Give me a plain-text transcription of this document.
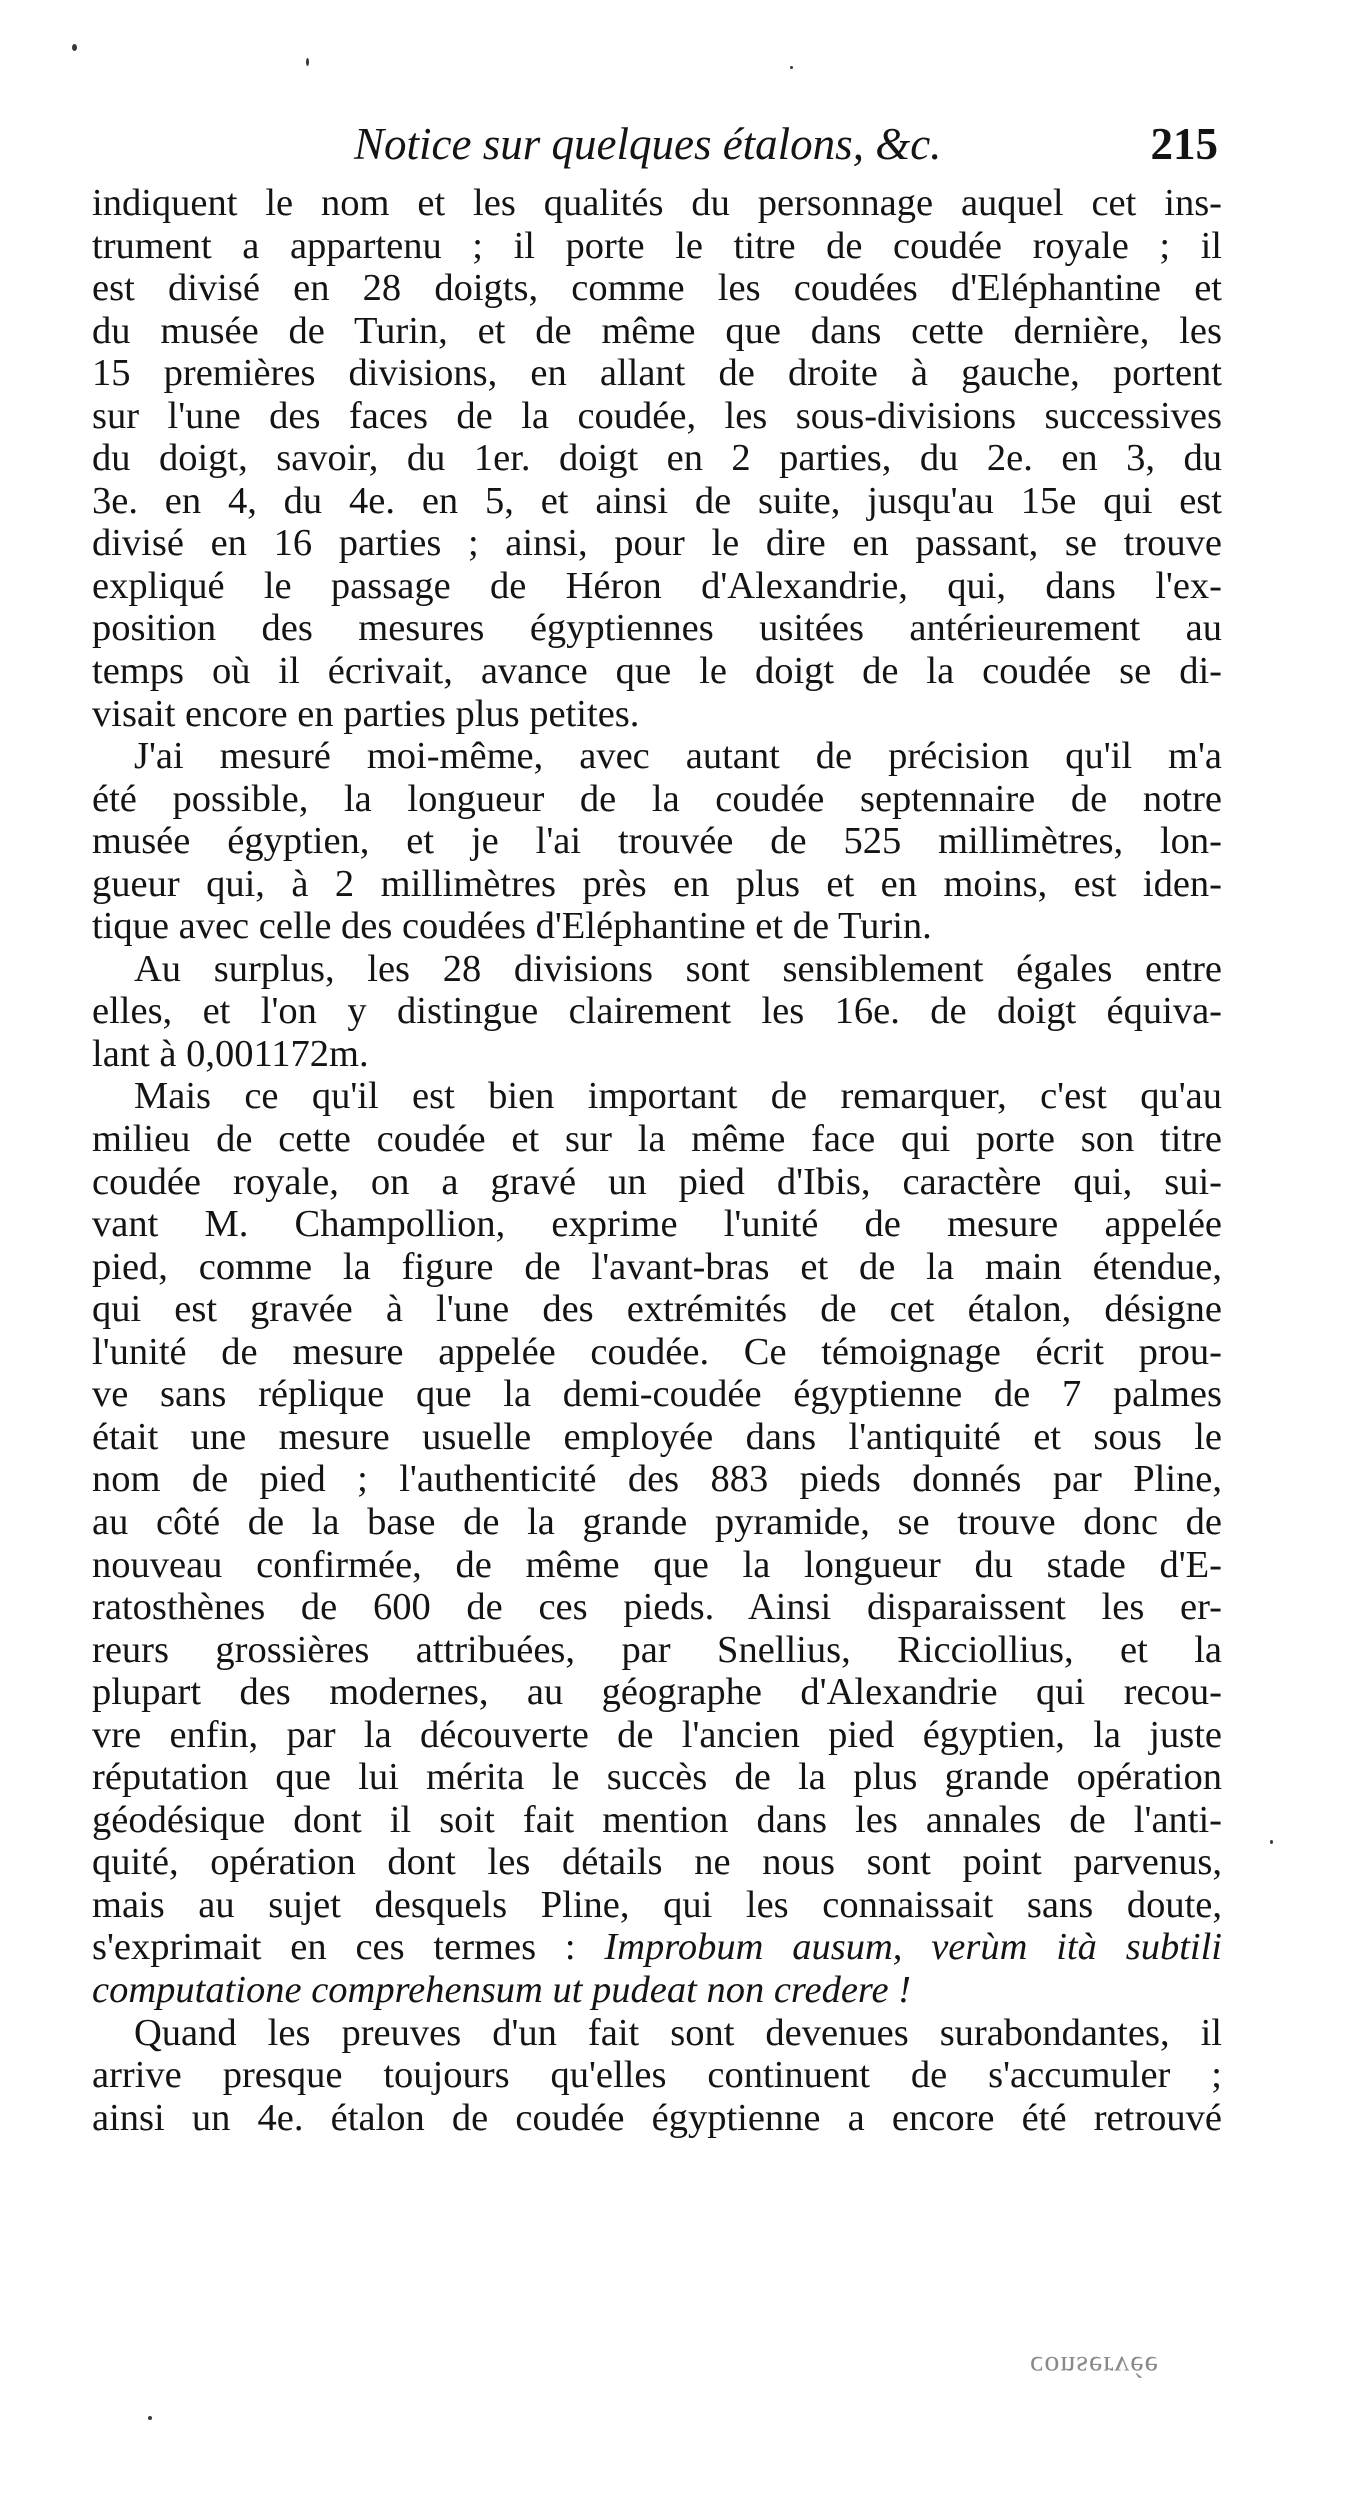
Notice sur quelques étalons, &c.	215
indiquent le nom et les qualités du personnage auquel cet ins-
trument a appartenu ; il porte le titre de coudée royale ; il
est divisé en 28 doigts, comme les coudées d'Eléphantine et
du musée de Turin, et de même que dans cette dernière, les
15 premières divisions, en allant de droite à gauche, portent
sur l'une des faces de la coudée, les sous-divisions successives
du doigt, savoir, du 1er. doigt en 2 parties, du 2e. en 3, du
3e. en 4, du 4e. en 5, et ainsi de suite, jusqu'au 15e qui est
divisé en 16 parties ; ainsi, pour le dire en passant, se trouve
expliqué le passage de Héron d'Alexandrie, qui, dans l'ex-
position des mesures égyptiennes usitées antérieurement au
temps où il écrivait, avance que le doigt de la coudée se di-
visait encore en parties plus petites.
J'ai mesuré moi-même, avec autant de précision qu'il m'a
été possible, la longueur de la coudée septennaire de notre
musée égyptien, et je l'ai trouvée de 525 millimètres, lon-
gueur qui, à 2 millimètres près en plus et en moins, est iden-
tique avec celle des coudées d'Eléphantine et de Turin.
Au surplus, les 28 divisions sont sensiblement égales entre
elles, et l'on y distingue clairement les 16e. de doigt équiva-
lant à 0,001172m.
Mais ce qu'il est bien important de remarquer, c'est qu'au
milieu de cette coudée et sur la même face qui porte son titre
coudée royale, on a gravé un pied d'Ibis, caractère qui, sui-
vant M. Champollion, exprime l'unité de mesure appelée
pied, comme la figure de l'avant-bras et de la main étendue,
qui est gravée à l'une des extrémités de cet étalon, désigne
l'unité de mesure appelée coudée. Ce témoignage écrit prou-
ve sans réplique que la demi-coudée égyptienne de 7 palmes
était une mesure usuelle employée dans l'antiquité et sous le
nom de pied ; l'authenticité des 883 pieds donnés par Pline,
au côté de la base de la grande pyramide, se trouve donc de
nouveau confirmée, de même que la longueur du stade d'E-
ratosthènes de 600 de ces pieds. Ainsi disparaissent les er-
reurs grossières attribuées, par Snellius, Ricciollius, et la
plupart des modernes, au géographe d'Alexandrie qui recou-
vre enfin, par la découverte de l'ancien pied égyptien, la juste
réputation que lui mérita le succès de la plus grande opération
géodésique dont il soit fait mention dans les annales de l'anti-
quité, opération dont les détails ne nous sont point parvenus,
mais au sujet desquels Pline, qui les connaissait sans doute,
s'exprimait en ces termes : Improbum ausum, verùm ità subtili
computatione comprehensum ut pudeat non credere !
Quand les preuves d'un fait sont devenues surabondantes, il
arrive presque toujours qu'elles continuent de s'accumuler ;
ainsi un 4e. étalon de coudée égyptienne a encore été retrouvé
conservée
